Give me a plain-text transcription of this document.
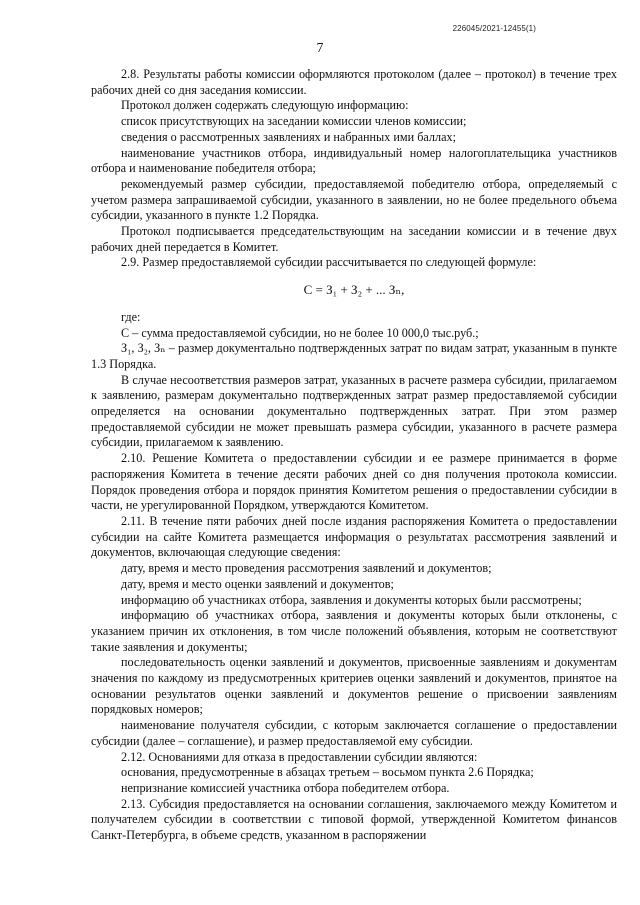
226045/2021-12455(1)
7

2.8. Результаты работы комиссии оформляются протоколом (далее – протокол) в течение трех рабочих дней со дня заседания комиссии.

Протокол должен содержать следующую информацию:

список присутствующих на заседании комиссии членов комиссии;

сведения о рассмотренных заявлениях и набранных ими баллах;

наименование участников отбора, индивидуальный номер налогоплательщика участников отбора и наименование победителя отбора;

рекомендуемый размер субсидии, предоставляемой победителю отбора, определяемый с учетом размера запрашиваемой субсидии, указанного в заявлении, но не более предельного объема субсидии, указанного в пункте 1.2 Порядка.

Протокол подписывается председательствующим на заседании комиссии и в течение двух рабочих дней передается в Комитет.

2.9. Размер предоставляемой субсидии рассчитывается по следующей формуле:

С = З₁ + З₂ + ... Зₙ,

где:

С – сумма предоставляемой субсидии, но не более 10 000,0 тыс.руб.;

З₁, З₂, Зₙ – размер документально подтвержденных затрат по видам затрат, указанным в пункте 1.3 Порядка.

В случае несоответствия размеров затрат, указанных в расчете размера субсидии, прилагаемом к заявлению, размерам документально подтвержденных затрат размер предоставляемой субсидии определяется на основании документально подтвержденных затрат. При этом размер предоставляемой субсидии не может превышать размера субсидии, указанного в расчете размера субсидии, прилагаемом к заявлению.

2.10. Решение Комитета о предоставлении субсидии и ее размере принимается в форме распоряжения Комитета в течение десяти рабочих дней со дня получения протокола комиссии. Порядок проведения отбора и порядок принятия Комитетом решения о предоставлении субсидии в части, не урегулированной Порядком, утверждаются Комитетом.

2.11. В течение пяти рабочих дней после издания распоряжения Комитета о предоставлении субсидии на сайте Комитета размещается информация о результатах рассмотрения заявлений и документов, включающая следующие сведения:

дату, время и место проведения рассмотрения заявлений и документов;

дату, время и место оценки заявлений и документов;

информацию об участниках отбора, заявления и документы которых были рассмотрены;

информацию об участниках отбора, заявления и документы которых были отклонены, с указанием причин их отклонения, в том числе положений объявления, которым не соответствуют такие заявления и документы;

последовательность оценки заявлений и документов, присвоенные заявлениям и документам значения по каждому из предусмотренных критериев оценки заявлений и документов, принятое на основании результатов оценки заявлений и документов решение о присвоении заявлениям порядковых номеров;

наименование получателя субсидии, с которым заключается соглашение о предоставлении субсидии (далее – соглашение), и размер предоставляемой ему субсидии.

2.12. Основаниями для отказа в предоставлении субсидии являются:

основания, предусмотренные в абзацах третьем – восьмом пункта 2.6 Порядка;

непризнание комиссией участника отбора победителем отбора.

2.13. Субсидия предоставляется на основании соглашения, заключаемого между Комитетом и получателем субсидии в соответствии с типовой формой, утвержденной Комитетом финансов Санкт-Петербурга, в объеме средств, указанном в распоряжении
